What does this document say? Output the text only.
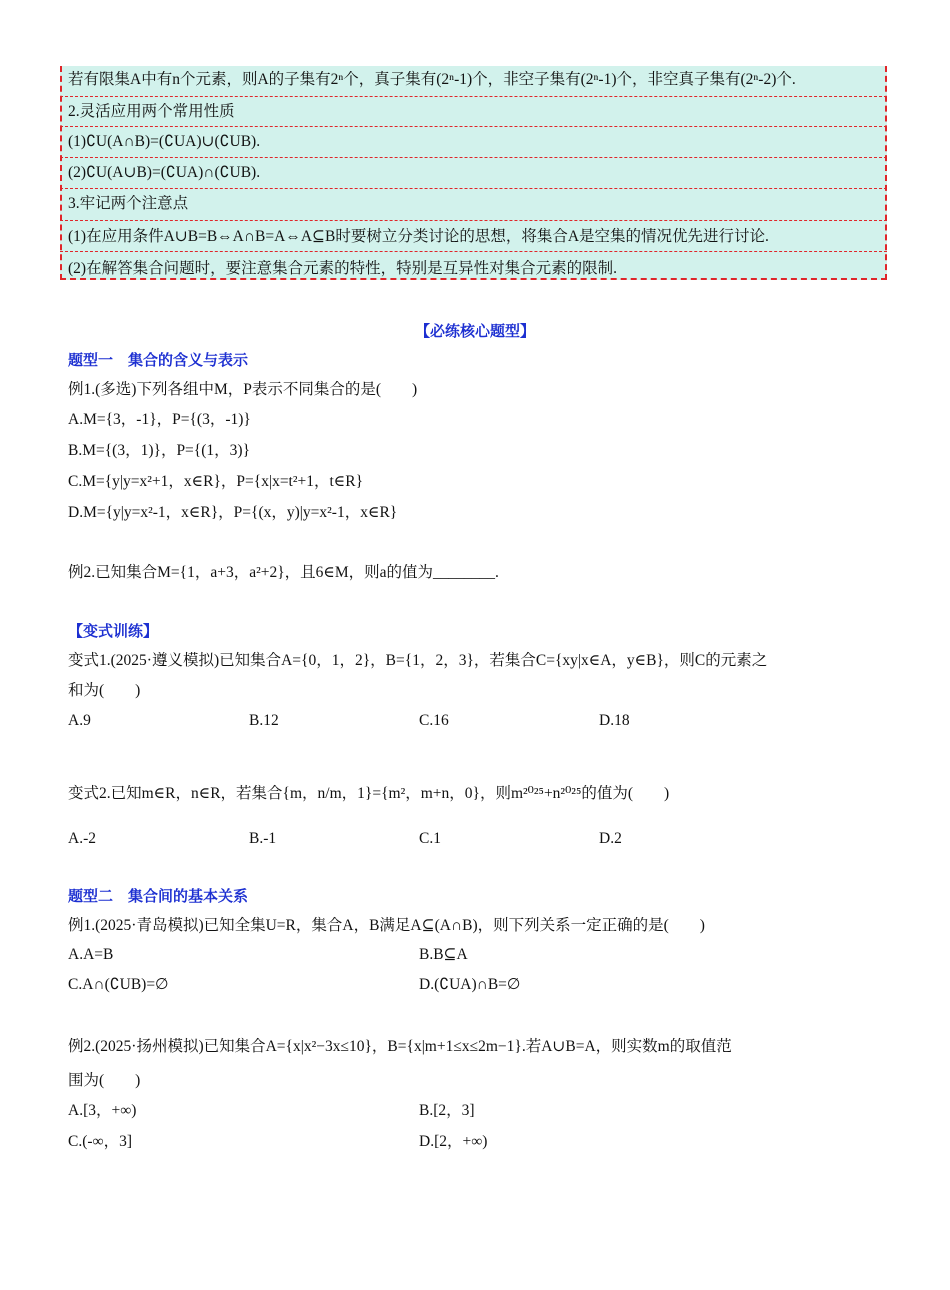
若有限集A中有n个元素，则A的子集有2ⁿ个，真子集有(2ⁿ-1)个，非空子集有(2ⁿ-1)个，非空真子集有(2ⁿ-2)个.
2.灵活应用两个常用性质
(1)∁U(A∩B)=(∁UA)∪(∁UB).
(2)∁U(A∪B)=(∁UA)∩(∁UB).
3.牢记两个注意点
(1)在应用条件A∪B=B⇔A∩B=A⇔A⊆B时要树立分类讨论的思想，将集合A是空集的情况优先进行讨论.
(2)在解答集合问题时，要注意集合元素的特性，特别是互异性对集合元素的限制.
【必练核心题型】
题型一　集合的含义与表示
例1.(多选)下列各组中M，P表示不同集合的是(　　)
A.M={3，-1}，P={(3，-1)}
B.M={(3，1)}，P={(1，3)}
C.M={y|y=x²+1，x∈R}，P={x|x=t²+1，t∈R}
D.M={y|y=x²-1，x∈R}，P={(x，y)|y=x²-1，x∈R}
例2.已知集合M={1，a+3，a²+2}，且6∈M，则a的值为________.
【变式训练】
变式1.(2025·遵义模拟)已知集合A={0，1，2}，B={1，2，3}，若集合C={xy|x∈A，y∈B}，则C的元素之
和为(　　)
A.9	B.12	C.16	D.18
变式2.已知m∈R，n∈R，若集合{m，n/m，1}={m²，m+n，0}，则m²⁰²⁵+n²⁰²⁵的值为(　　)
A.-2	B.-1	C.1	D.2
题型二　集合间的基本关系
例1.(2025·青岛模拟)已知全集U=R，集合A，B满足A⊆(A∩B)，则下列关系一定正确的是(　　)
A.A=B	B.B⊆A
C.A∩(∁UB)=∅	D.(∁UA)∩B=∅
例2.(2025·扬州模拟)已知集合A={x|x²−3x≤10}，B={x|m+1≤x≤2m−1}.若A∪B=A，则实数m的取值范
围为(　　)
A.[3，+∞)	B.[2，3]
C.(-∞，3]	D.[2，+∞)
